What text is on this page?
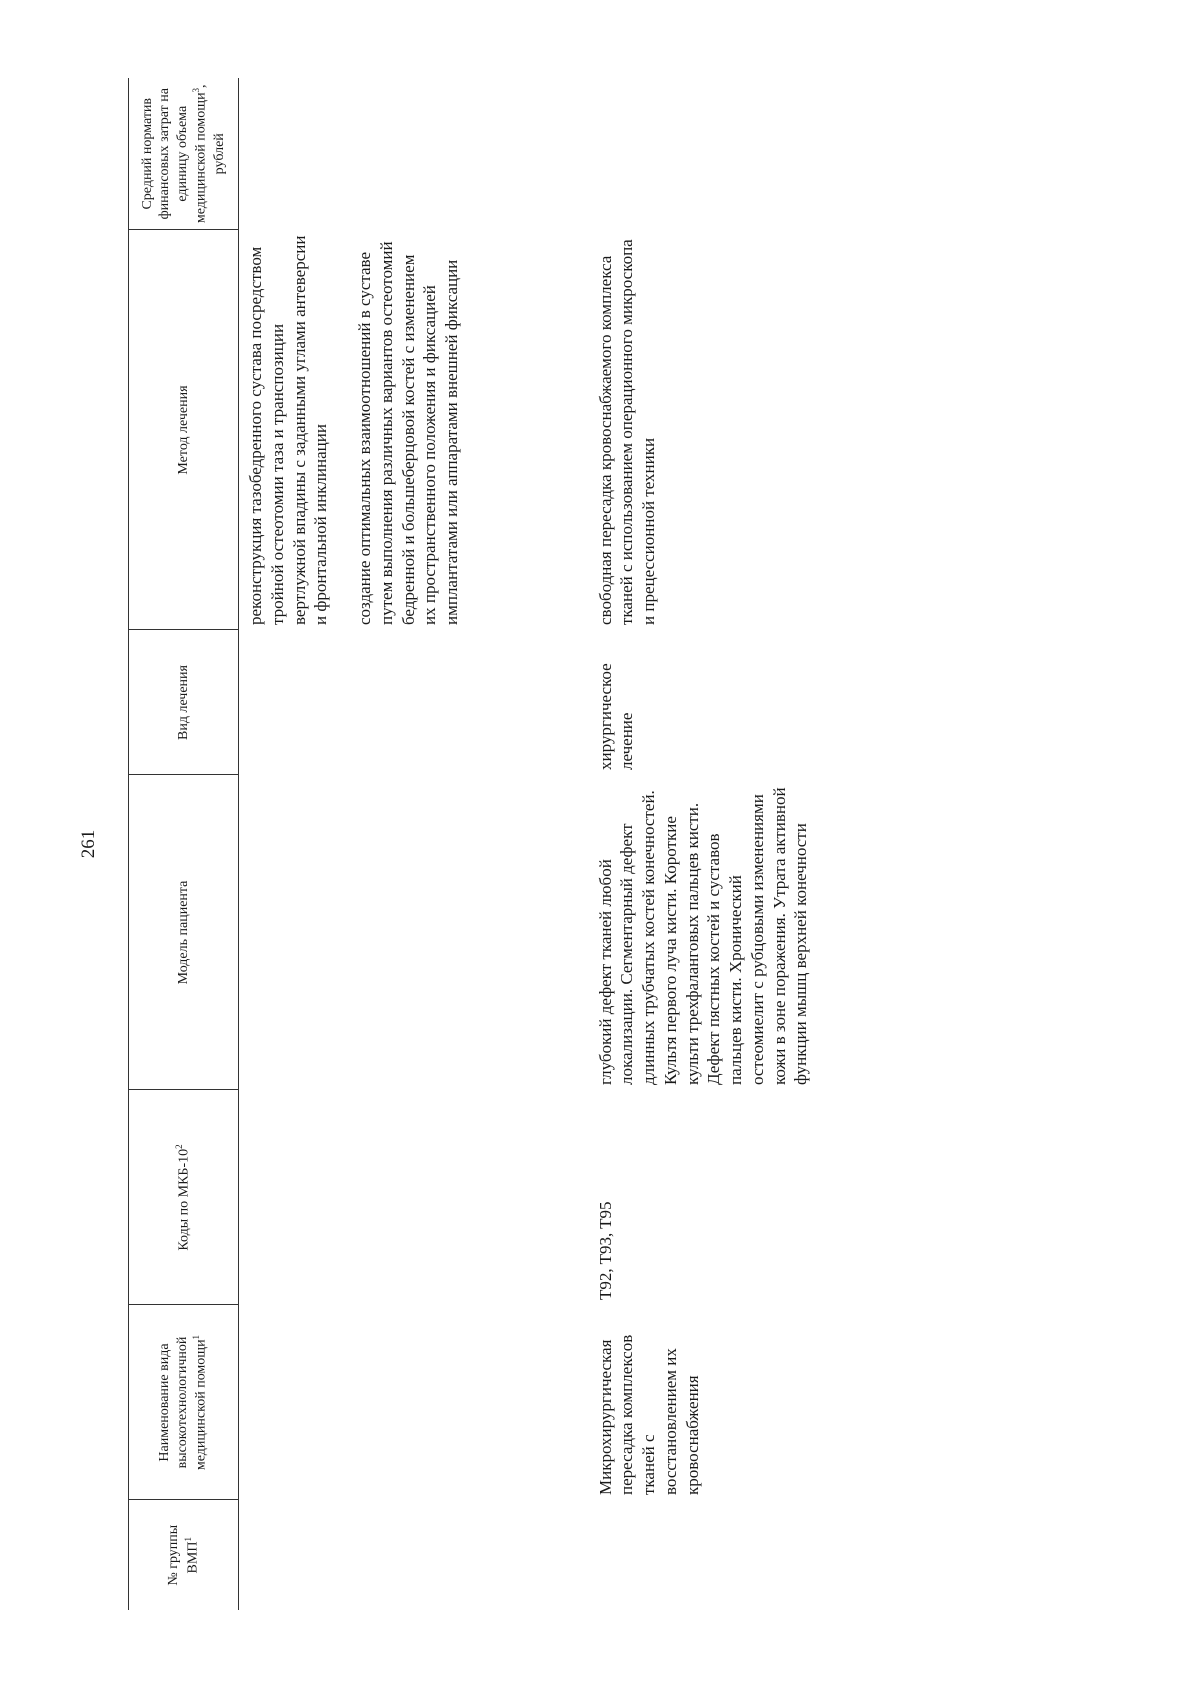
261
№ группы ВМП$^1$	Наименование вида высокотехнологичной медицинской помощи$^1$	Коды по МКБ-$10^2$	Модель пациента	Вид лечения	Метод лечения	Средний норматив финансовых затрат на единицу объема медицинской помощи$^3$, рублей

					реконструкция тазобедренного сустава посредством тройной остеотомии таза и транспозиции вертлужной впадины с заданными углами антеверсии и фронтальной инклинации создание оптимальных взаимоотношений в суставе путем выполнения различных вариантов остеотомий бедренной и большеберцовой костей с изменением их пространственного положения и фиксацией имплантатами или аппаратами внешней фиксации	

	Микрохирургическая пересадка комплексов тканей с восстановлением их кровоснабжения	T92, T93, T95	глубокий дефект тканей любой локализации. Сегментарный дефект длинных трубчатых костей конечностей. Культя первого луча кисти. Короткие культи трехфаланговых пальцев кисти. Дефект пястных костей и суставов пальцев кисти. Хронический остеомиелит с рубцовыми изменениями кожи в зоне поражения. Утрата активной функции мышц верхней конечности	хирургическое лечение	свободная пересадка кровоснабжаемого комплекса тканей с использованием операционного микроскопа и прецессионной техники	
